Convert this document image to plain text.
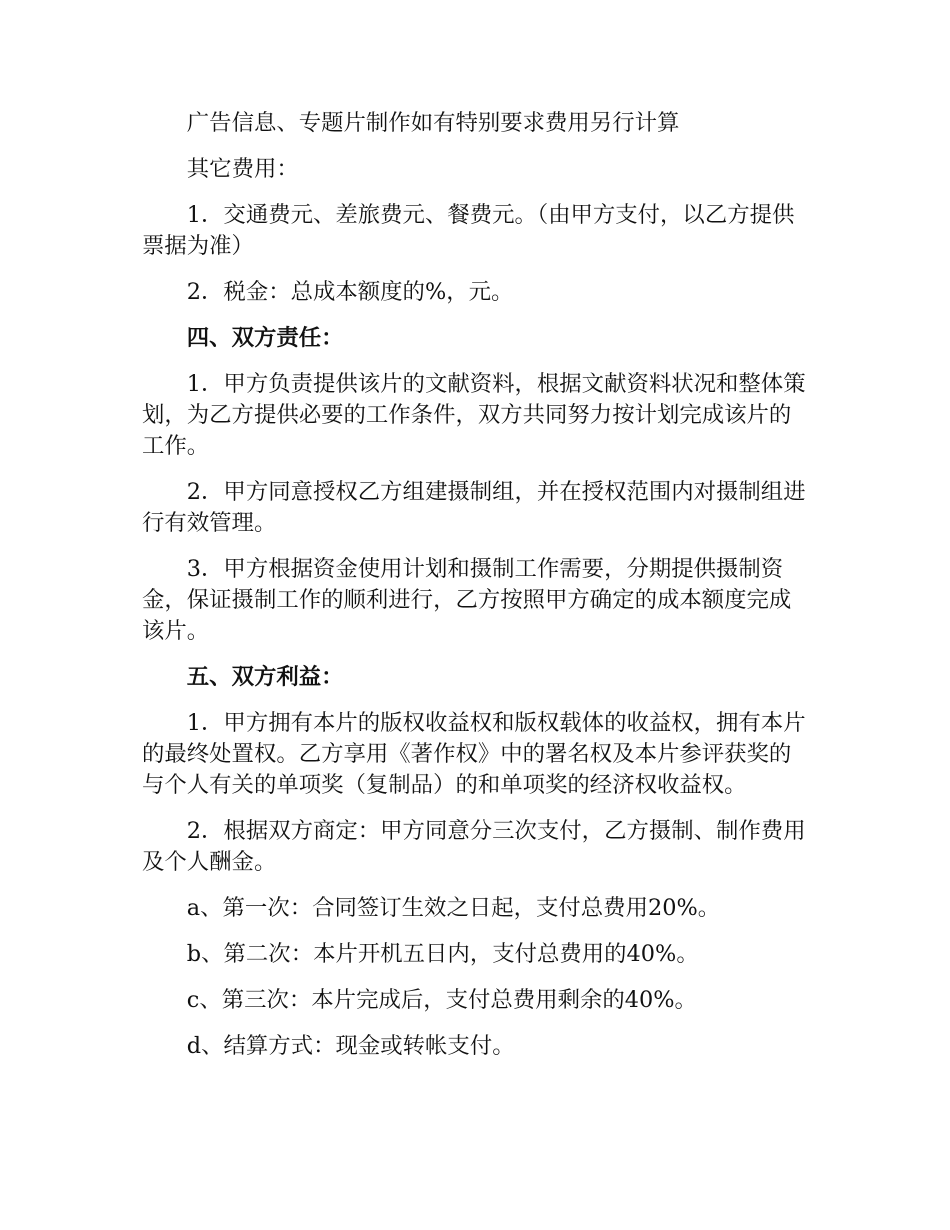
广告信息、专题片制作如有特别要求费用另行计算

其它费用：

1．交通费元、差旅费元、餐费元。（由甲方支付，以乙方提供票据为准）

2．税金：总成本额度的%，元。

四、双方责任：

1．甲方负责提供该片的文献资料，根据文献资料状况和整体策划，为乙方提供必要的工作条件，双方共同努力按计划完成该片的工作。

2．甲方同意授权乙方组建摄制组，并在授权范围内对摄制组进行有效管理。

3．甲方根据资金使用计划和摄制工作需要，分期提供摄制资金，保证摄制工作的顺利进行，乙方按照甲方确定的成本额度完成该片。

五、双方利益：

1．甲方拥有本片的版权收益权和版权载体的收益权，拥有本片的最终处置权。乙方享用《著作权》中的署名权及本片参评获奖的与个人有关的单项奖（复制品）的和单项奖的经济权收益权。

2．根据双方商定：甲方同意分三次支付，乙方摄制、制作费用及个人酬金。

a、第一次：合同签订生效之日起，支付总费用20%。

b、第二次：本片开机五日内，支付总费用的40%。

c、第三次：本片完成后，支付总费用剩余的40%。

d、结算方式：现金或转帐支付。
